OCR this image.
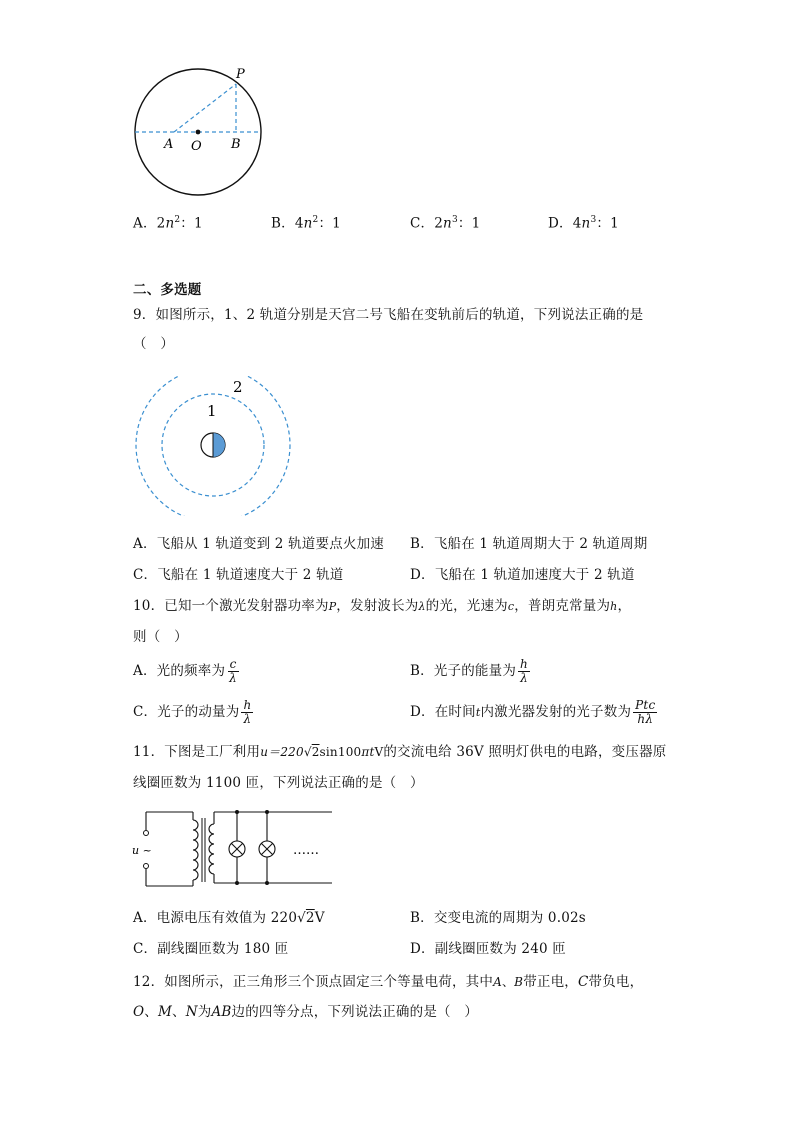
P
A O B
A．$2n^2$：1	B．$4n^2$：1	C．$2n^3$：1	D．$4n^3$：1
二、多选题
9．如图所示，1、2 轨道分别是天宫二号飞船在变轨前后的轨道，下列说法正确的是
（　）
1
2
A．飞船从 1 轨道变到 2 轨道要点火加速 B．飞船在 1 轨道周期大于 2 轨道周期
C．飞船在 1 轨道速度大于 2 轨道	D．飞船在 1 轨道加速度大于 2 轨道
10．已知一个激光发射器功率为P，发射波长为λ的光，光速为c，普朗克常量为h，
则（　）
A．光的频率为 $\frac{c}{\lambda}$	B．光子的能量为 $\frac{h}{\lambda}$
C．光子的动量为 $\frac{h}{\lambda}$	D．在时间t内激光器发射的光子数为 $\frac{\text{Ptc}}{h\lambda}$
11．下图是工厂利用u＝220√2sin100πtV的交流电给 36V 照明灯供电的电路，变压器原
线圈匝数为 1100 匝，下列说法正确的是（　）
u ~	……
A．电源电压有效值为 220√2V	B．交变电流的周期为 0.02s
C．副线圈匝数为 180 匝	D．副线圈匝数为 240 匝
12．如图所示，正三角形三个顶点固定三个等量电荷，其中A、B带正电，C带负电，
O、M、N为AB边的四等分点，下列说法正确的是（　）
